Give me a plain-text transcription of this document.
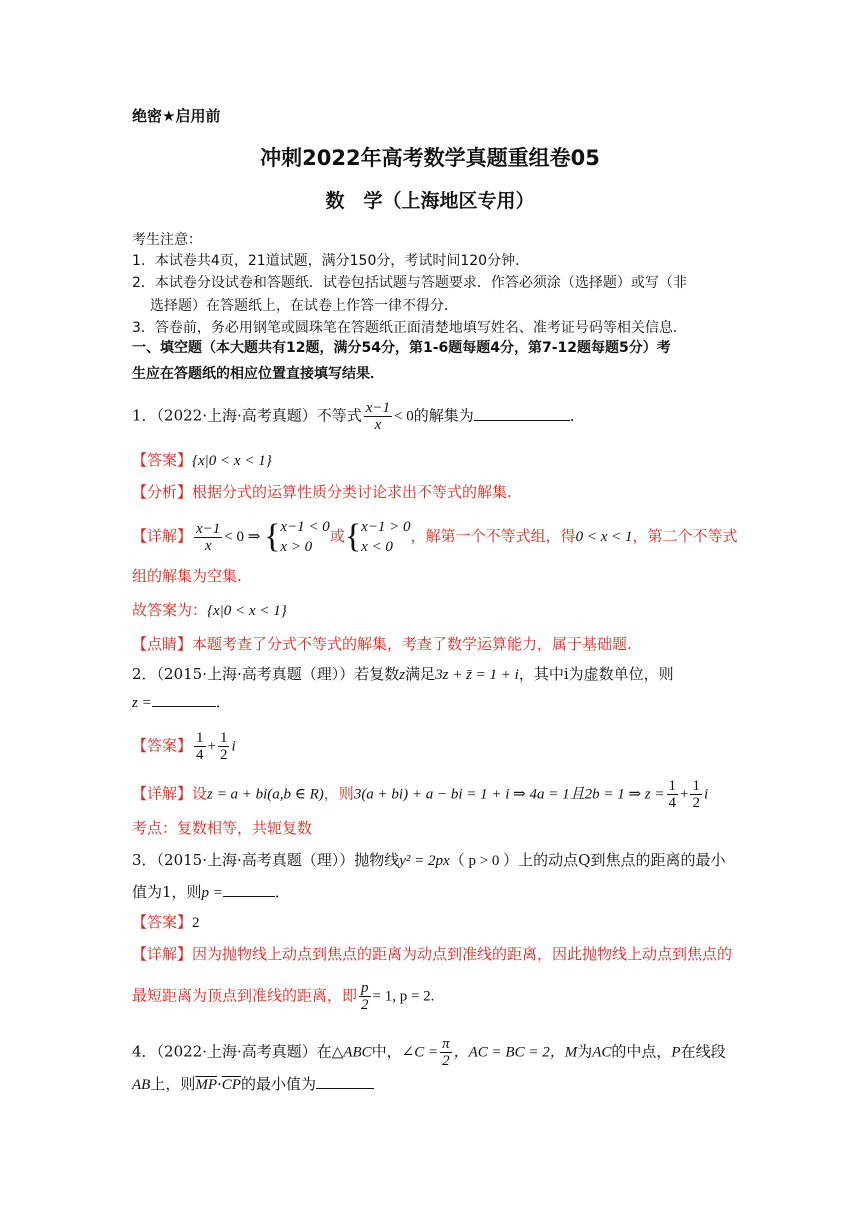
绝密★启用前
冲刺2022年高考数学真题重组卷05
数　学（上海地区专用）
考生注意：
1．本试卷共4页，21道试题，满分150分，考试时间120分钟．
2．本试卷分设试卷和答题纸．试卷包括试题与答题要求．作答必须涂（选择题）或写（非
选择题）在答题纸上，在试卷上作答一律不得分．
3．答卷前，务必用钢笔或圆珠笔在答题纸正面清楚地填写姓名、准考证号码等相关信息．
一、填空题（本大题共有12题，满分54分，第1-6题每题4分，第7-12题每题5分）考
生应在答题纸的相应位置直接填写结果．
1．（2022·上海·高考真题）不等式 $\frac{x-1}{x} < 0$的解集为	．
【答案】{x|0 < x < 1}
【分析】根据分式的运算性质分类讨论求出不等式的解集.
【详解】 $\frac{x-1}{x} < 0$ ⇒ { x−1 < 0
x > 0
或 { x−1 > 0
x < 0
，解第一个不等式组，得0 < x < 1，第二个不等式
组的解集为空集.
故答案为：{x|0 < x < 1}
【点睛】本题考查了分式不等式的解集，考查了数学运算能力，属于基础题.
2．（2015·上海·高考真题（理））若复数z满足3z + z̄ = 1 + i，其中i为虚数单位，则
z =	．
【答案】 $\frac{1}{4} + \frac{1}{2}$ i
【详解】设z = a + bi(a,b ∈ R)，则3(a + bi) + a − bi = 1 + i ⇒ 4a = 1且2b = 1 ⇒ $z = \frac{1}{4} + \frac{1}{2}$ i
考点：复数相等，共轭复数
3．（2015·上海·高考真题（理））抛物线y² = 2px（ p > 0 ）上的动点Q到焦点的距离的最小
值为1，则p =	．
【答案】2
【详解】因为抛物线上动点到焦点的距离为动点到准线的距离，因此抛物线上动点到焦点的
最短距离为顶点到准线的距离，即 $\frac{p}{2} = 1$, p = 2.
4．（2022·上海·高考真题）在△ABC中，∠C = $\frac{\pi}{2}$ ，AC = BC = 2，M为AC的中点，P在线段
AB上，则$\overline{MP}\cdot\overline{CP}$的最小值为
